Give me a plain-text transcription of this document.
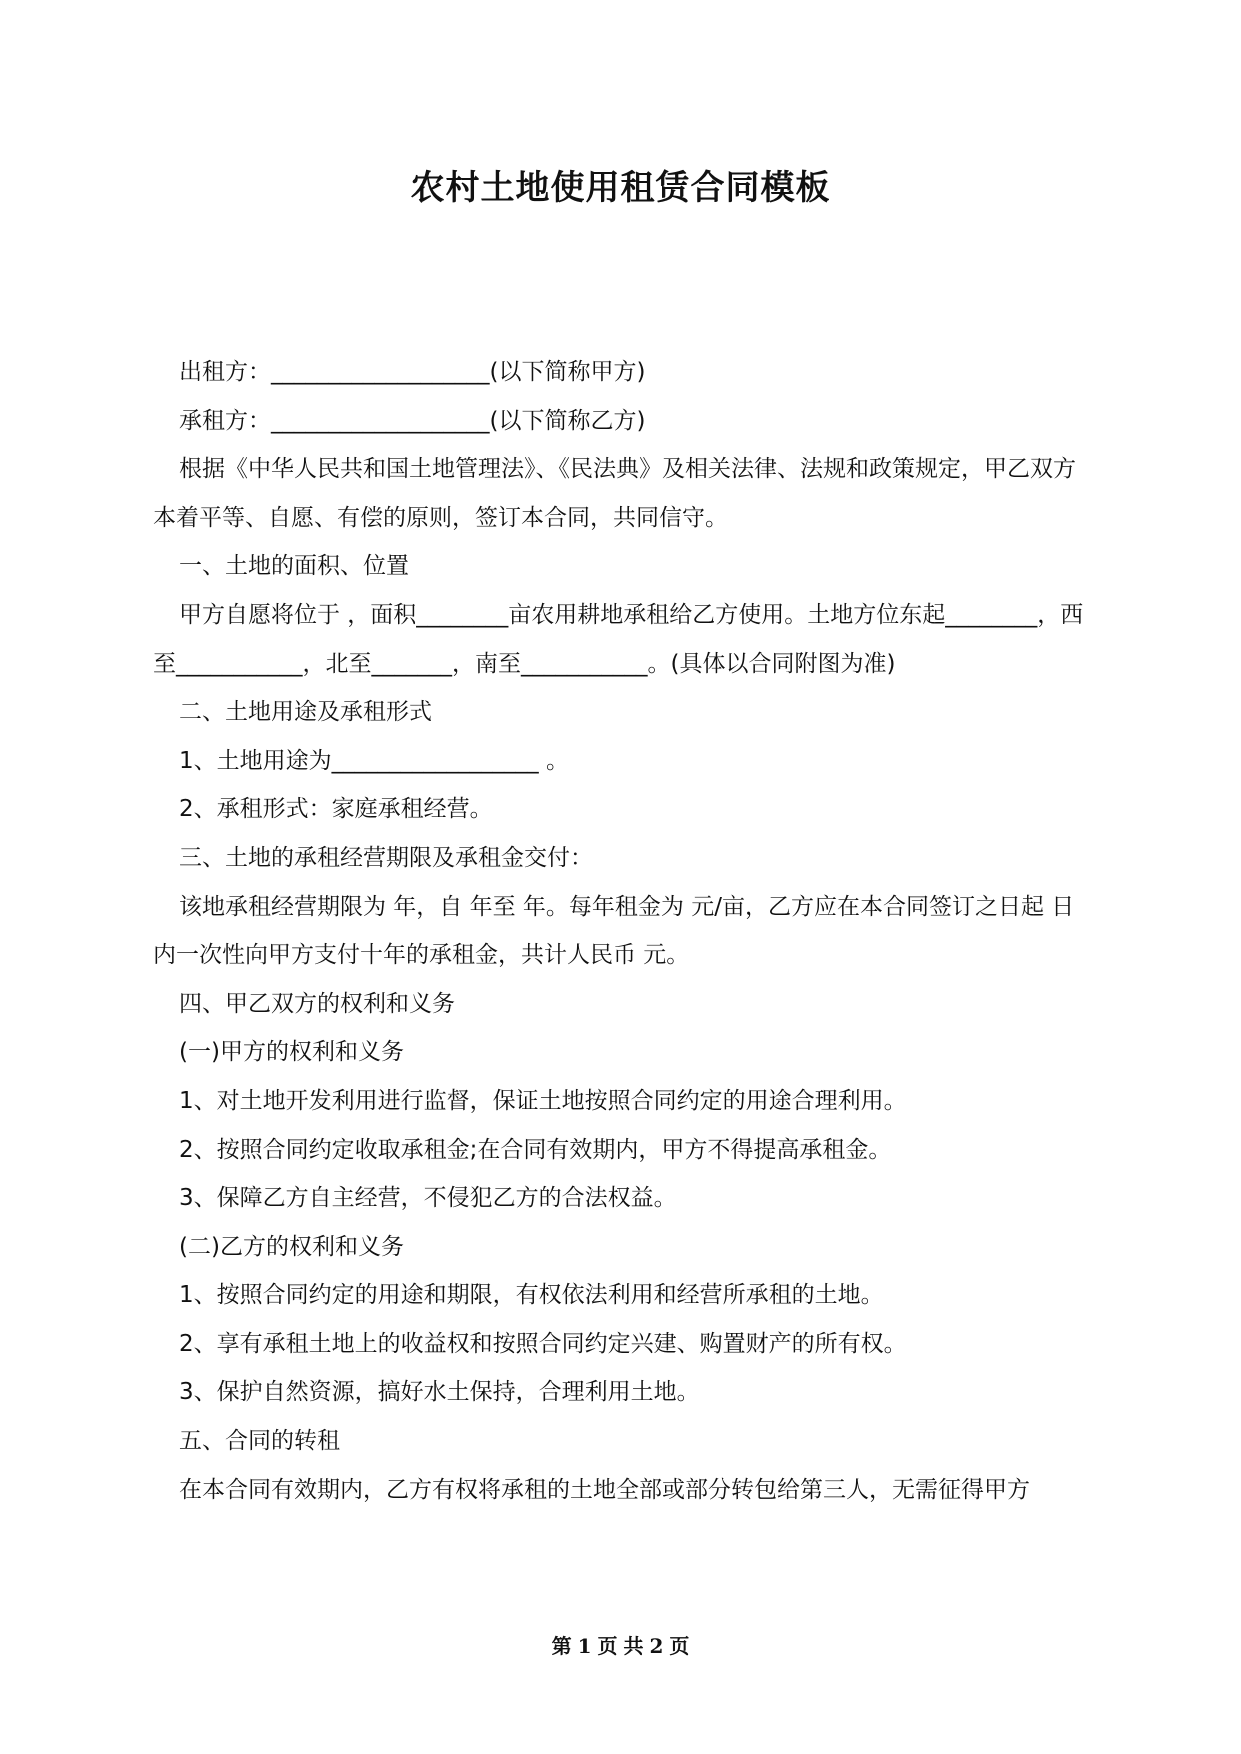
农村土地使用租赁合同模板

出租方：___________________(以下简称甲方)

承租方：___________________(以下简称乙方)

根据《中华人民共和国土地管理法》、《民法典》及相关法律、法规和政策规定，甲乙双方本着平等、自愿、有偿的原则，签订本合同，共同信守。

一、土地的面积、位置

甲方自愿将位于 ，面积________亩农用耕地承租给乙方使用。土地方位东起________，西至___________，北至_______，南至___________。(具体以合同附图为准)

二、土地用途及承租形式

1、土地用途为__________________ 。

2、承租形式：家庭承租经营。

三、土地的承租经营期限及承租金交付：

该地承租经营期限为 年，自 年至 年。每年租金为 元/亩，乙方应在本合同签订之日起 日内一次性向甲方支付十年的承租金，共计人民币 元。

四、甲乙双方的权利和义务

(一)甲方的权利和义务

1、对土地开发利用进行监督，保证土地按照合同约定的用途合理利用。

2、按照合同约定收取承租金;在合同有效期内，甲方不得提高承租金。

3、保障乙方自主经营，不侵犯乙方的合法权益。

(二)乙方的权利和义务

1、按照合同约定的用途和期限，有权依法利用和经营所承租的土地。

2、享有承租土地上的收益权和按照合同约定兴建、购置财产的所有权。

3、保护自然资源，搞好水土保持，合理利用土地。

五、合同的转租

在本合同有效期内，乙方有权将承租的土地全部或部分转包给第三人，无需征得甲方

第 1 页 共 2 页
